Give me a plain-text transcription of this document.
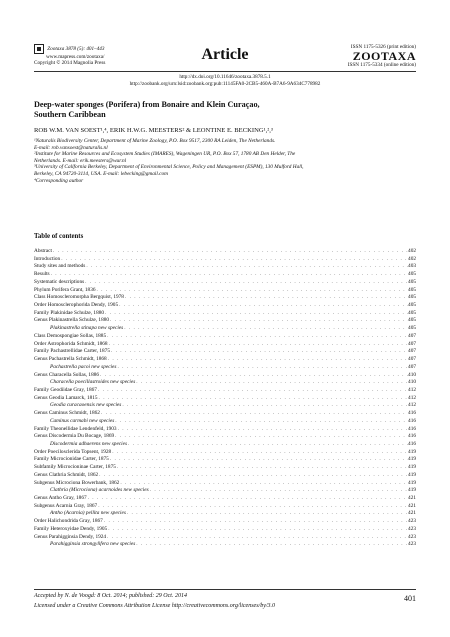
Zootaxa 3878 (5): 401–443
www.mapress.com/zootaxa/
Copyright © 2014 Magnolia Press	Article	ISSN 1175-5326 (print edition)
ZOOTAXA
ISSN 1175-5334 (online edition)
http://dx.doi.org/10.11646/zootaxa.3878.5.1
http://zoobank.org/urn:lsid:zoobank.org:pub:11145FA0-2CB5-460A-B7A6-9A634C778982
Deep-water sponges (Porifera) from Bonaire and Klein Curaçao,
Southern Caribbean
ROB W.M. VAN SOEST¹,⁴, ERIK H.W.G. MEESTERS² & LEONTINE E. BECKING¹,²,³
¹Naturalis Biodiversity Center, Department of Marine Zoology, P.O. Box 9517, 2300 RA Leiden, The Netherlands.
E-mail: rob.vansoest@naturalis.nl
²Institute for Marine Resources and Ecosystem Studies (IMARES), Wageningen UR, P.O. Box 57, 1780 AB Den Helder, The
Netherlands. E-mail: erik.meesters@wur.nl
³University of California Berkeley, Department of Environmental Science, Policy and Management (ESPM), 130 Mulford Hall,
Berkeley, CA 94720-3114, USA. E-mail: lebecking@gmail.com
⁴Corresponding author
Table of contents
Abstract . . .	402
Introduction . . .	402
Study sites and methods . . .	403
Results . . .	405
Systematic descriptions . . .	405
Phylum Porifera Grant, 1836 . . .	405
Class Homoscleromorpha Bergquist, 1978 . . .	405
Order Homosclerophorida Dendy, 1905 . . .	405
Family Plakinidae Schulze, 1880 . . .	405
Genus Plakinastrella Schulze, 1880 . . .	405
Plakinastrella stinapa new species . . .	405
Class Demospongiae Sollas, 1885 . . .	407
Order Astrophorida Schmidt, 1868 . . .	407
Family Pachastrellidae Carter, 1875 . . .	407
Genus Pachastrella Schmidt, 1868 . . .	407
Pachastrella pacoi new species . . .	407
Genus Characella Sollas, 1886 . . .	410
Characella poecillastroides new species . . .	410
Family Geodiidae Gray, 1867 . . .	412
Genus Geodia Lamarck, 1815 . . .	412
Geodia curacaoensis new species . . .	412
Genus Caminus Schmidt, 1862 . . .	416
Caminus carmabi new species . . .	416
Family Theonellidae Lendenfeld, 1903 . . .	416
Genus Discodermia Du Bocage, 1869 . . .	416
Discodermia adhaerens new species . . .	416
Order Poecilosclerida Topsent, 1928 . . .	419
Family Microcionidae Carter, 1875 . . .	419
Subfamily Microcioninae Carter, 1875 . . .	419
Genus Clathria Schmidt, 1862 . . .	419
Subgenus Microciona Bowerbank, 1862 . . .	419
Clathria (Microciona) acarnoides new species . . .	419
Genus Antho Gray, 1867 . . .	421
Subgenus Acarnia Gray, 1867 . . .	421
Antho (Acarnia) pellita new species . . .	421
Order Halichondrida Gray, 1867 . . .	423
Family Heteroxyidae Dendy, 1905 . . .	423
Genus Parahigginsia Dendy, 1924 . . .	423
Parahigginsia strongylifera new species . . .	423
Accepted by N. de Voogd: 8 Oct. 2014; published: 29 Oct. 2014	401
Licensed under a Creative Commons Attribution License http://creativecommons.org/licenses/by/3.0
